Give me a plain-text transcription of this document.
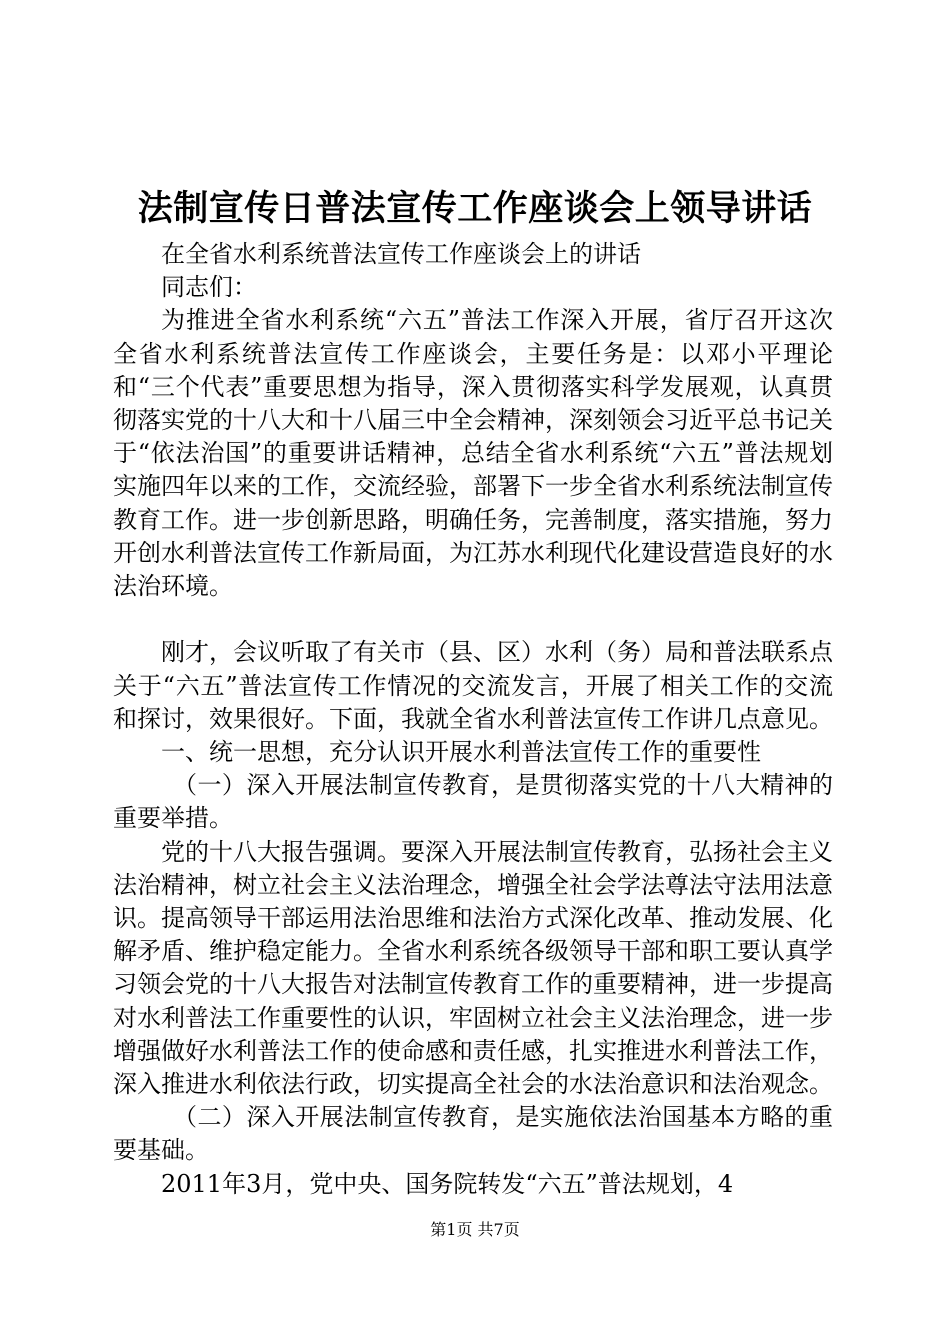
法制宣传日普法宣传工作座谈会上领导讲话

在全省水利系统普法宣传工作座谈会上的讲话

同志们：

为推进全省水利系统“六五”普法工作深入开展，省厅召开这次全省水利系统普法宣传工作座谈会，主要任务是：以邓小平理论和“三个代表”重要思想为指导，深入贯彻落实科学发展观，认真贯彻落实党的十八大和十八届三中全会精神，深刻领会习近平总书记关于“依法治国”的重要讲话精神，总结全省水利系统“六五”普法规划实施四年以来的工作，交流经验，部署下一步全省水利系统法制宣传教育工作。进一步创新思路，明确任务，完善制度，落实措施，努力开创水利普法宣传工作新局面，为江苏水利现代化建设营造良好的水法治环境。

刚才，会议听取了有关市（县、区）水利（务）局和普法联系点关于“六五”普法宣传工作情况的交流发言，开展了相关工作的交流和探讨，效果很好。下面，我就全省水利普法宣传工作讲几点意见。

一、统一思想，充分认识开展水利普法宣传工作的重要性

（一）深入开展法制宣传教育，是贯彻落实党的十八大精神的重要举措。

党的十八大报告强调。要深入开展法制宣传教育，弘扬社会主义法治精神，树立社会主义法治理念，增强全社会学法尊法守法用法意识。提高领导干部运用法治思维和法治方式深化改革、推动发展、化解矛盾、维护稳定能力。全省水利系统各级领导干部和职工要认真学习领会党的十八大报告对法制宣传教育工作的重要精神，进一步提高对水利普法工作重要性的认识，牢固树立社会主义法治理念，进一步增强做好水利普法工作的使命感和责任感，扎实推进水利普法工作，深入推进水利依法行政，切实提高全社会的水法治意识和法治观念。

（二）深入开展法制宣传教育，是实施依法治国基本方略的重要基础。

2011年3月，党中央、国务院转发“六五”普法规划，4

第1页 共7页
